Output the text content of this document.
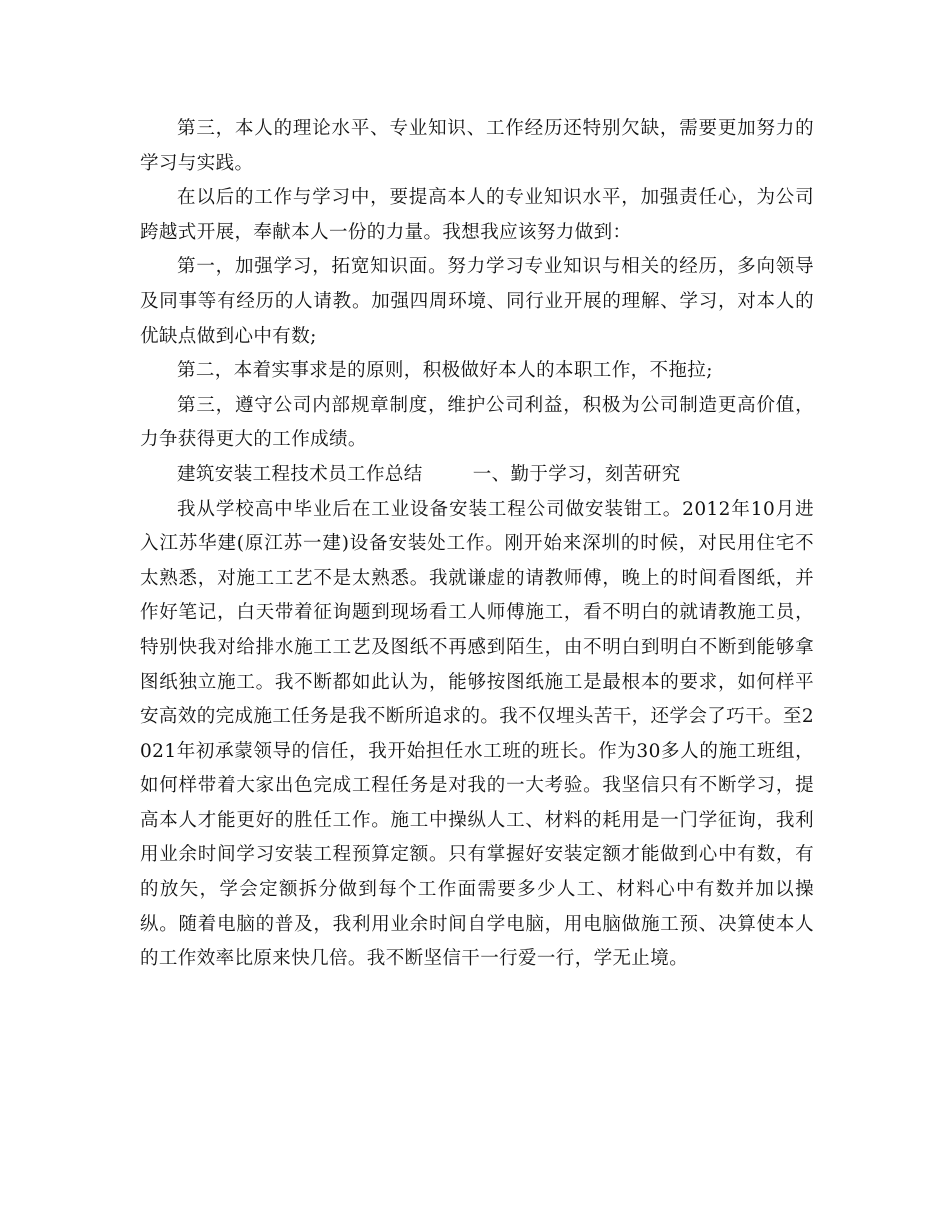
第三，本人的理论水平、专业知识、工作经历还特别欠缺，需要更加努力的学习与实践。

在以后的工作与学习中，要提高本人的专业知识水平，加强责任心，为公司跨越式开展，奉献本人一份的力量。我想我应该努力做到：

第一，加强学习，拓宽知识面。努力学习专业知识与相关的经历，多向领导及同事等有经历的人请教。加强四周环境、同行业开展的理解、学习，对本人的优缺点做到心中有数;

第二，本着实事求是的原则，积极做好本人的本职工作，不拖拉;

第三，遵守公司内部规章制度，维护公司利益，积极为公司制造更高价值，力争获得更大的工作成绩。

建筑安装工程技术员工作总结	一、勤于学习，刻苦研究

我从学校高中毕业后在工业设备安装工程公司做安装钳工。2012年10月进入江苏华建(原江苏一建)设备安装处工作。刚开始来深圳的时候，对民用住宅不太熟悉，对施工工艺不是太熟悉。我就谦虚的请教师傅，晚上的时间看图纸，并作好笔记，白天带着征询题到现场看工人师傅施工，看不明白的就请教施工员，特别快我对给排水施工工艺及图纸不再感到陌生，由不明白到明白不断到能够拿图纸独立施工。我不断都如此认为，能够按图纸施工是最根本的要求，如何样平安高效的完成施工任务是我不断所追求的。我不仅埋头苦干，还学会了巧干。至2021年初承蒙领导的信任，我开始担任水工班的班长。作为30多人的施工班组，如何样带着大家出色完成工程任务是对我的一大考验。我坚信只有不断学习，提高本人才能更好的胜任工作。施工中操纵人工、材料的耗用是一门学征询，我利用业余时间学习安装工程预算定额。只有掌握好安装定额才能做到心中有数，有的放矢，学会定额拆分做到每个工作面需要多少人工、材料心中有数并加以操纵。随着电脑的普及，我利用业余时间自学电脑，用电脑做施工预、决算使本人的工作效率比原来快几倍。我不断坚信干一行爱一行，学无止境。
